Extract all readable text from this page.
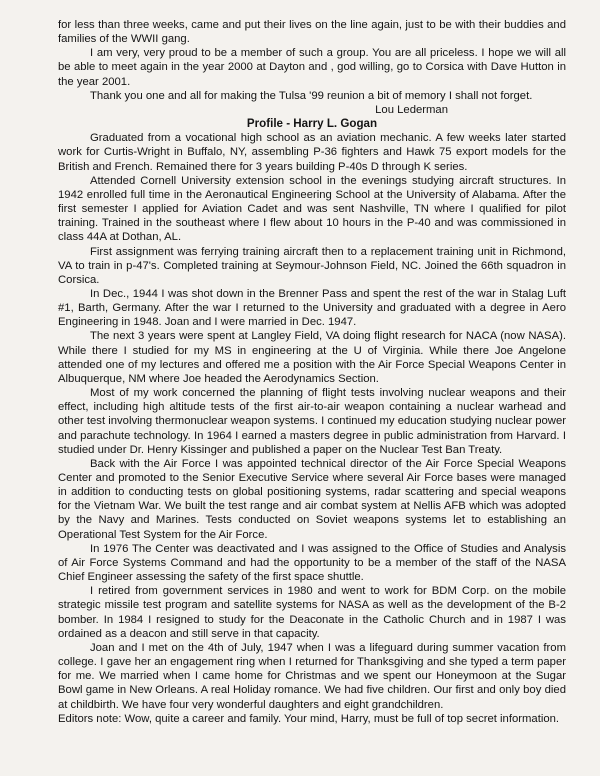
for less than three weeks, came and put their lives on the line again, just to be with their buddies and families of the WWII gang.

I am very, very proud to be a member of such a group. You are all priceless. I hope we will all be able to meet again in the year 2000 at Dayton and , god willing, go to Corsica with Dave Hutton in the year 2001.

Thank you one and all for making the Tulsa '99 reunion a bit of memory I shall not forget.

Lou Lederman

Profile - Harry L. Gogan

Graduated from a vocational high school as an aviation mechanic. A few weeks later started work for Curtis-Wright in Buffalo, NY, assembling P-36 fighters and Hawk 75 export models for the British and French. Remained there for 3 years building P-40s D through K series.

Attended Cornell University extension school in the evenings studying aircraft structures. In 1942 enrolled full time in the Aeronautical Engineering School at the University of Alabama. After the first semester I applied for Aviation Cadet and was sent Nashville, TN where I qualified for pilot training. Trained in the southeast where I flew about 10 hours in the P-40 and was commissioned in class 44A at Dothan, AL.

First assignment was ferrying training aircraft then to a replacement training unit in Richmond, VA to train in p-47's. Completed training at Seymour-Johnson Field, NC. Joined the 66th squadron in Corsica.

In Dec., 1944 I was shot down in the Brenner Pass and spent the rest of the war in Stalag Luft #1, Barth, Germany. After the war I returned to the University and graduated with a degree in Aero Engineering in 1948. Joan and I were married in Dec. 1947.

The next 3 years were spent at Langley Field, VA doing flight research for NACA (now NASA). While there I studied for my MS in engineering at the U of Virginia. While there Joe Angelone attended one of my lectures and offered me a position with the Air Force Special Weapons Center in Albuquerque, NM where Joe headed the Aerodynamics Section.

Most of my work concerned the planning of flight tests involving nuclear weapons and their effect, including high altitude tests of the first air-to-air weapon containing a nuclear warhead and other test involving thermonuclear weapon systems. I continued my education studying nuclear power and parachute technology. In 1964 I earned a masters degree in public administration from Harvard. I studied under Dr. Henry Kissinger and published a paper on the Nuclear Test Ban Treaty.

Back with the Air Force I was appointed technical director of the Air Force Special Weapons Center and promoted to the Senior Executive Service where several Air Force bases were managed in addition to conducting tests on global positioning systems, radar scattering and special weapons for the Vietnam War. We built the test range and air combat system at Nellis AFB which was adopted by the Navy and Marines. Tests conducted on Soviet weapons systems let to establishing an Operational Test System for the Air Force.

In 1976 The Center was deactivated and I was assigned to the Office of Studies and Analysis of Air Force Systems Command and had the opportunity to be a member of the staff of the NASA Chief Engineer assessing the safety of the first space shuttle.

I retired from government services in 1980 and went to work for BDM Corp. on the mobile strategic missile test program and satellite systems for NASA as well as the development of the B-2 bomber. In 1984 I resigned to study for the Deaconate in the Catholic Church and in 1987 I was ordained as a deacon and still serve in that capacity.

Joan and I met on the 4th of July, 1947 when I was a lifeguard during summer vacation from college. I gave her an engagement ring when I returned for Thanksgiving and she typed a term paper for me. We married when I came home for Christmas and we spent our Honeymoon at the Sugar Bowl game in New Orleans. A real Holiday romance. We had five children. Our first and only boy died at childbirth. We have four very wonderful daughters and eight grandchildren.

Editors note: Wow, quite a career and family. Your mind, Harry, must be full of top secret information.
